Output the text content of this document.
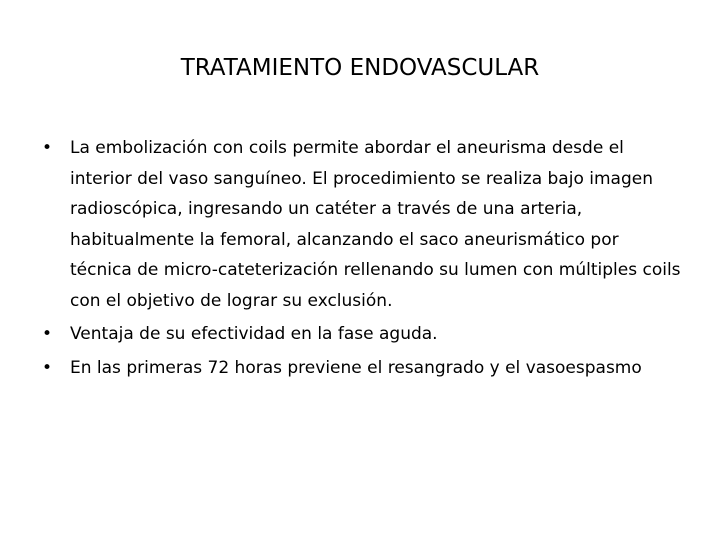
TRATAMIENTO ENDOVASCULAR
• La embolización con coils permite abordar el aneurisma desde el interior del vaso sanguíneo. El procedimiento se realiza bajo imagen radioscópica, ingresando un catéter a través de una arteria, habitualmente la femoral, alcanzando el saco aneurismático por técnica de micro-cateterización rellenando su lumen con múltiples coils con el objetivo de lograr su exclusión.
• Ventaja de su efectividad en la fase aguda.
• En las primeras 72 horas previene el resangrado y el vasoespasmo
